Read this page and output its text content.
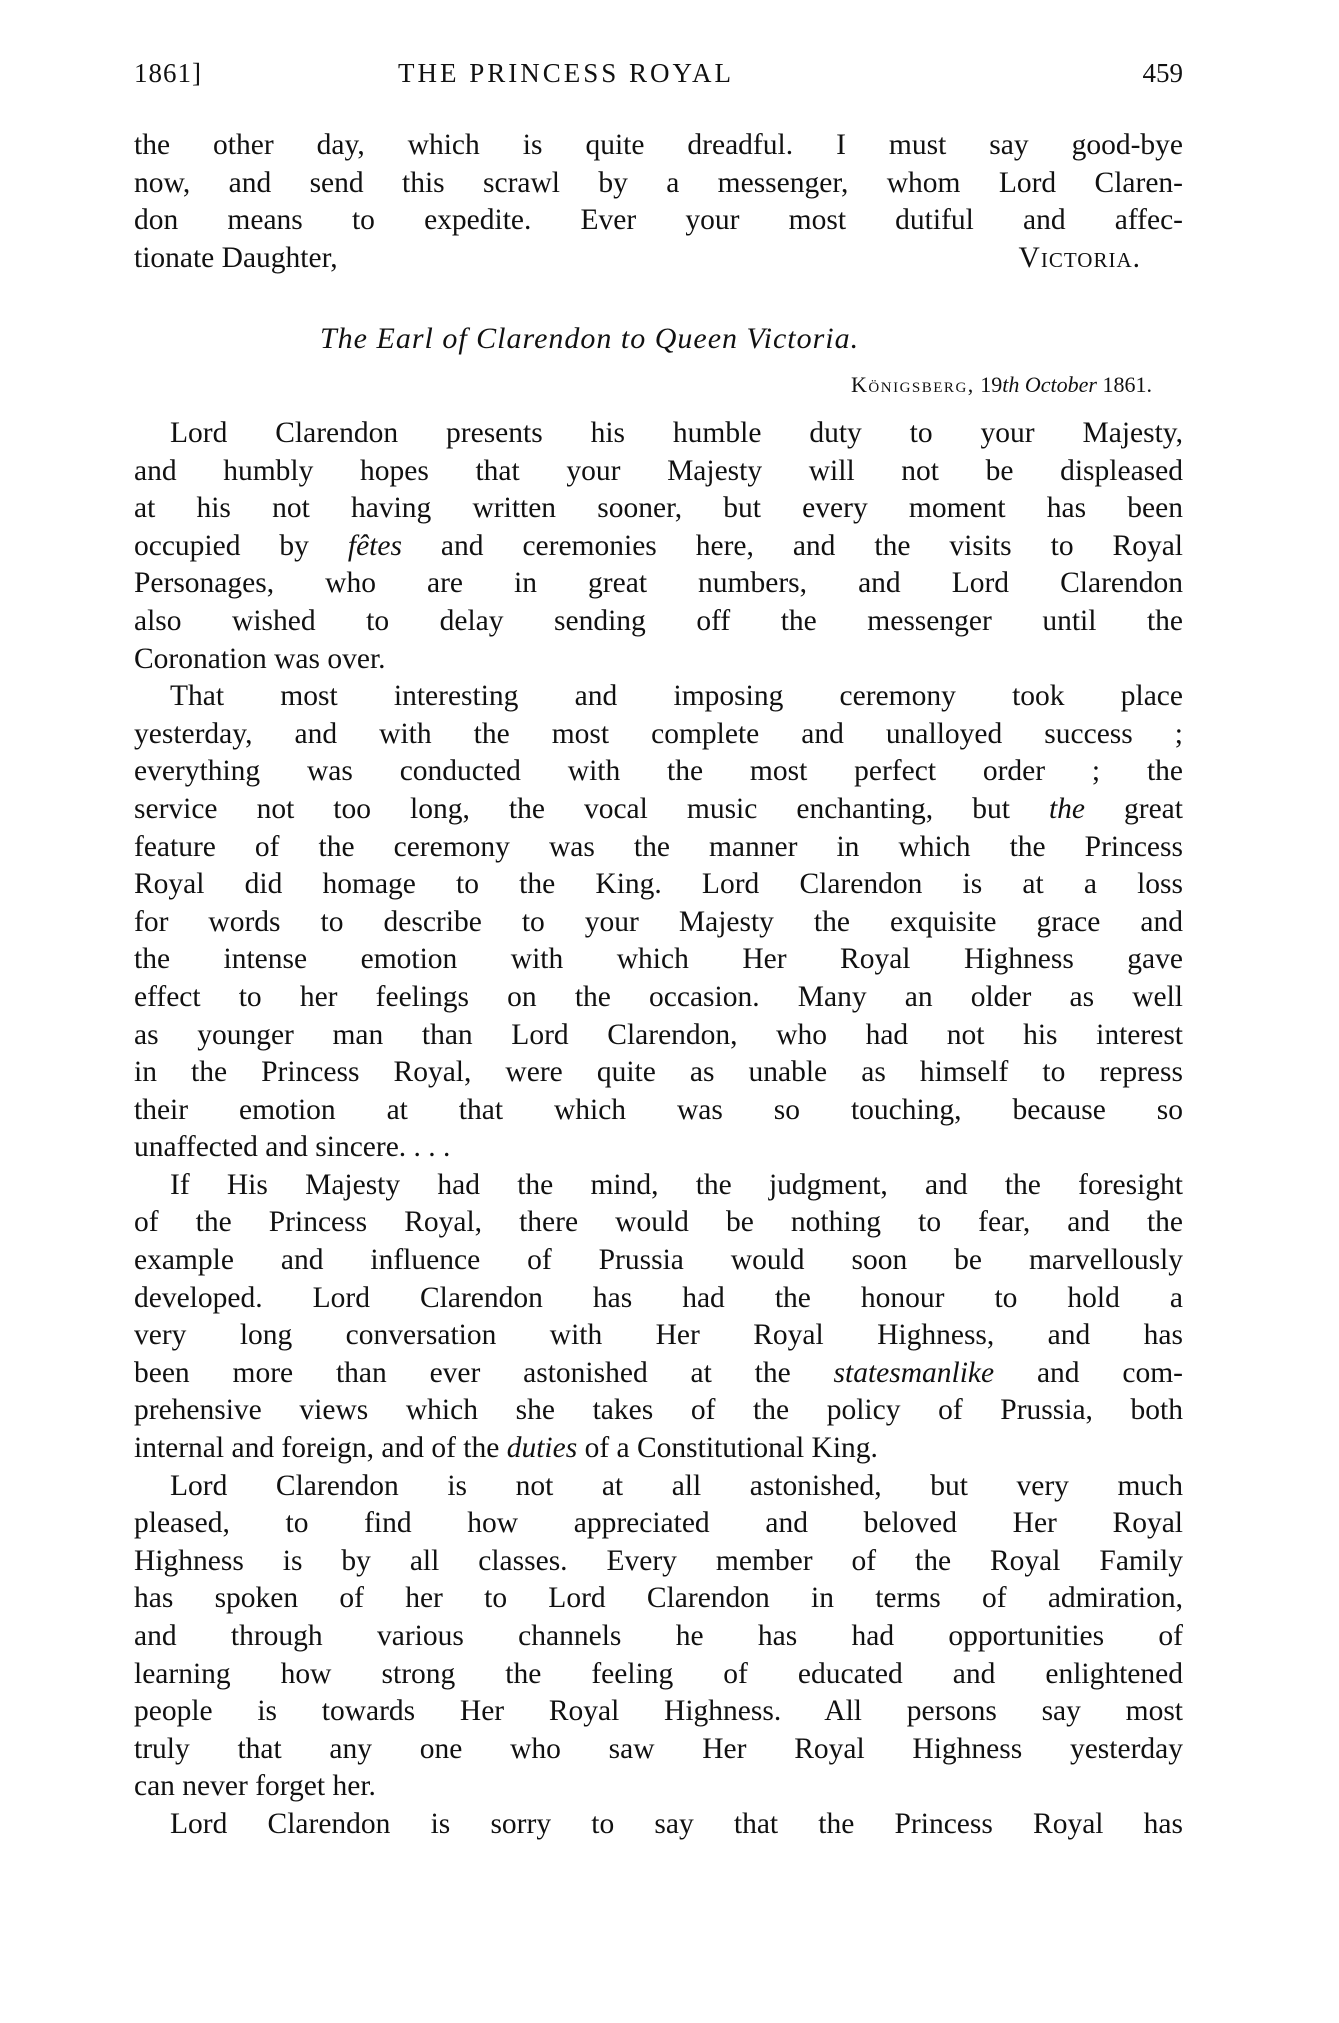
1861]	THE PRINCESS ROYAL	459
the other day, which is quite dreadful. I must say good-bye
now, and send this scrawl by a messenger, whom Lord Claren-
don means to expedite. Ever your most dutiful and affec-
tionate Daughter,	Victoria.
The Earl of Clarendon to Queen Victoria.
Königsberg, 19th October 1861.
Lord Clarendon presents his humble duty to your Majesty,
and humbly hopes that your Majesty will not be displeased
at his not having written sooner, but every moment has been
occupied by fêtes and ceremonies here, and the visits to Royal
Personages, who are in great numbers, and Lord Clarendon
also wished to delay sending off the messenger until the
Coronation was over.
That most interesting and imposing ceremony took place
yesterday, and with the most complete and unalloyed success ;
everything was conducted with the most perfect order ; the
service not too long, the vocal music enchanting, but the great
feature of the ceremony was the manner in which the Princess
Royal did homage to the King. Lord Clarendon is at a loss
for words to describe to your Majesty the exquisite grace and
the intense emotion with which Her Royal Highness gave
effect to her feelings on the occasion. Many an older as well
as younger man than Lord Clarendon, who had not his interest
in the Princess Royal, were quite as unable as himself to repress
their emotion at that which was so touching, because so
unaffected and sincere. . . .
If His Majesty had the mind, the judgment, and the foresight
of the Princess Royal, there would be nothing to fear, and the
example and influence of Prussia would soon be marvellously
developed. Lord Clarendon has had the honour to hold a
very long conversation with Her Royal Highness, and has
been more than ever astonished at the statesmanlike and com-
prehensive views which she takes of the policy of Prussia, both
internal and foreign, and of the duties of a Constitutional King.
Lord Clarendon is not at all astonished, but very much
pleased, to find how appreciated and beloved Her Royal
Highness is by all classes. Every member of the Royal Family
has spoken of her to Lord Clarendon in terms of admiration,
and through various channels he has had opportunities of
learning how strong the feeling of educated and enlightened
people is towards Her Royal Highness. All persons say most
truly that any one who saw Her Royal Highness yesterday
can never forget her.
Lord Clarendon is sorry to say that the Princess Royal has
